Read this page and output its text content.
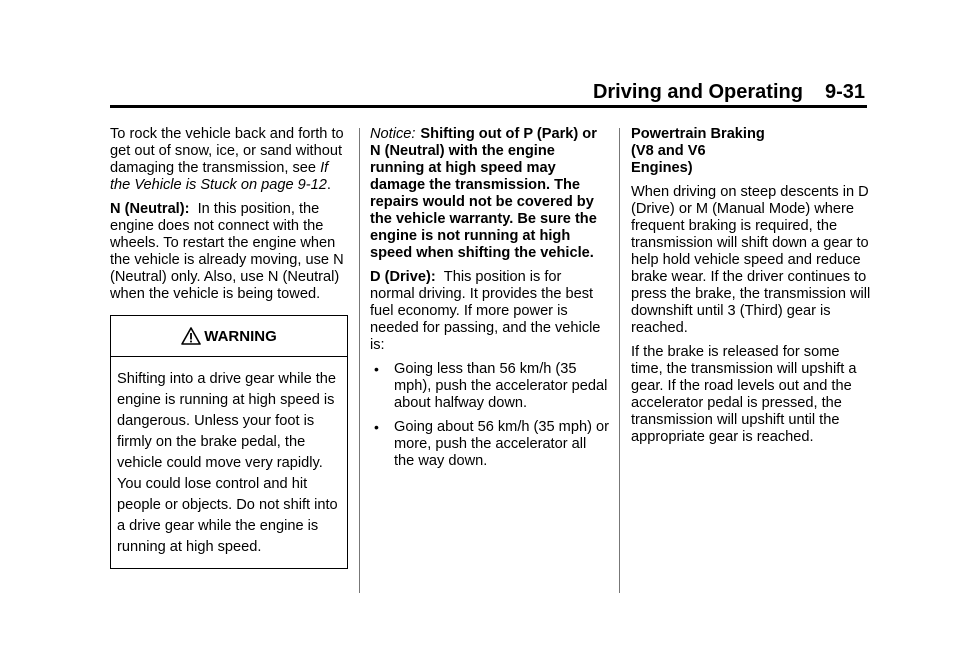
Driving and Operating 9-31

To rock the vehicle back and forth to get out of snow, ice, or sand without damaging the transmission, see If the Vehicle is Stuck on page 9-12.

N (Neutral): In this position, the engine does not connect with the wheels. To restart the engine when the vehicle is already moving, use N (Neutral) only. Also, use N (Neutral) when the vehicle is being towed.

WARNING
Shifting into a drive gear while the engine is running at high speed is dangerous. Unless your foot is firmly on the brake pedal, the vehicle could move very rapidly. You could lose control and hit people or objects. Do not shift into a drive gear while the engine is running at high speed.

Notice: Shifting out of P (Park) or N (Neutral) with the engine running at high speed may damage the transmission. The repairs would not be covered by the vehicle warranty. Be sure the engine is not running at high speed when shifting the vehicle.

D (Drive): This position is for normal driving. It provides the best fuel economy. If more power is needed for passing, and the vehicle is:

• Going less than 56 km/h (35 mph), push the accelerator pedal about halfway down.
• Going about 56 km/h (35 mph) or more, push the accelerator all the way down.

Powertrain Braking (V8 and V6 Engines)

When driving on steep descents in D (Drive) or M (Manual Mode) where frequent braking is required, the transmission will shift down a gear to help hold vehicle speed and reduce brake wear. If the driver continues to press the brake, the transmission will downshift until 3 (Third) gear is reached.

If the brake is released for some time, the transmission will upshift a gear. If the road levels out and the accelerator pedal is pressed, the transmission will upshift until the appropriate gear is reached.
